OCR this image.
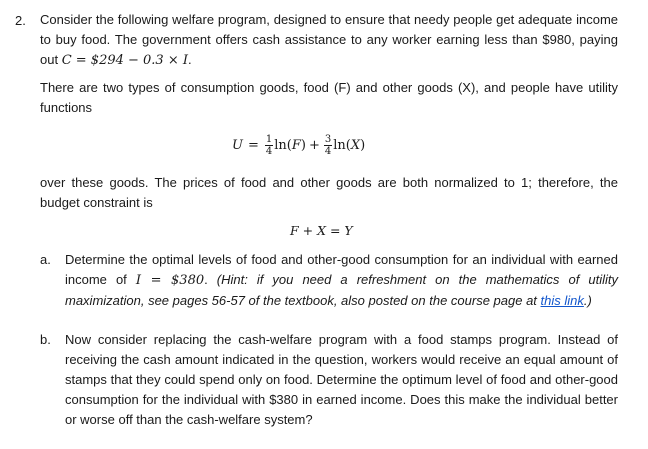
2. Consider the following welfare program, designed to ensure that needy people get adequate income to buy food. The government offers cash assistance to any worker earning less than $980, paying out C = $294 − 0.3 × I.
There are two types of consumption goods, food (F) and other goods (X), and people have utility functions
$U = \frac{1}{4} \ln$( F ) + $\frac{3}{4} \ln$( X )
over these goods. The prices of food and other goods are both normalized to 1; therefore, the budget constraint is
F + X = Y
a. Determine the optimal levels of food and other-good consumption for an individual with earned income of I = $380. (Hint: if you need a refreshment on the mathematics of utility maximization, see pages 56-57 of the textbook, also posted on the course page at this link.)
b. Now consider replacing the cash-welfare program with a food stamps program. Instead of receiving the cash amount indicated in the question, workers would receive an equal amount of stamps that they could spend only on food. Determine the optimum level of food and other-good consumption for the individual with $380 in earned income. Does this make the individual better or worse off than the cash-welfare system?
